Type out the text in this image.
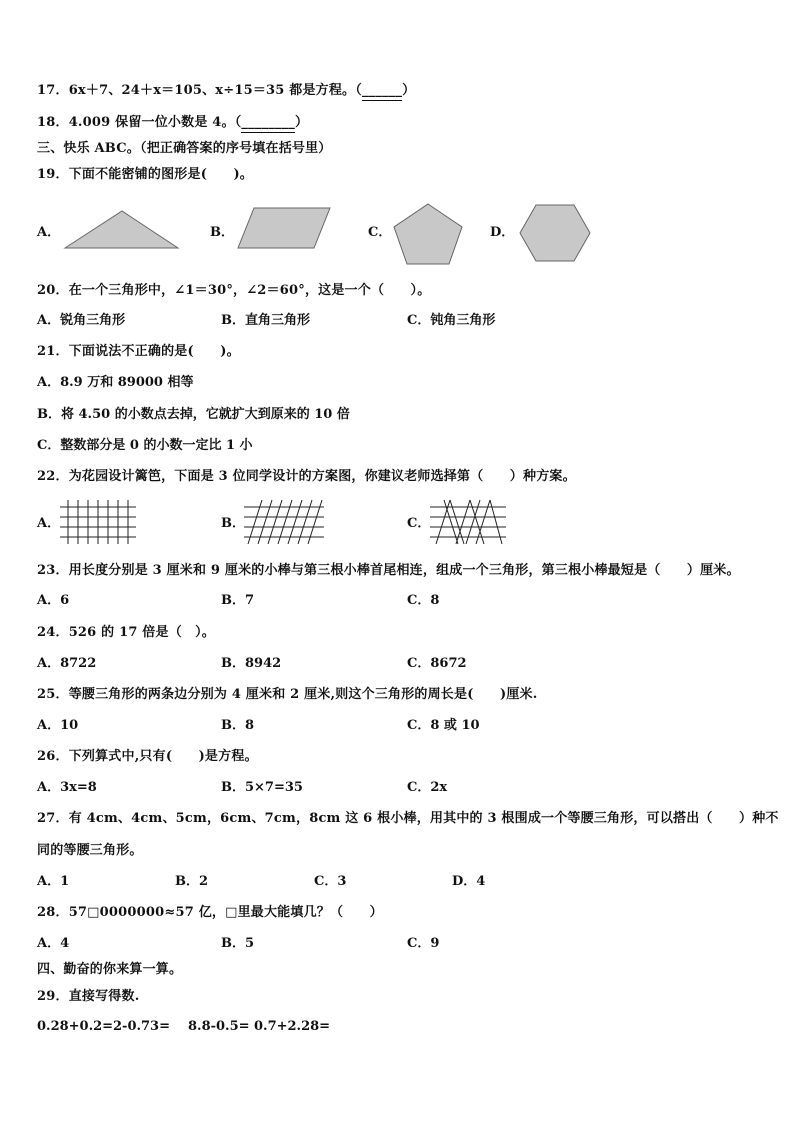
17．6x＋7、24＋x＝105、x÷15＝35 都是方程。（______）
18．4.009 保留一位小数是 4。（________）
三、快乐 ABC。（把正确答案的序号填在括号里）
19．下面不能密铺的图形是(　　)。
A．	B．	C．	D．
20．在一个三角形中，∠1＝30°，∠2＝60°，这是一个（　　）。
A．锐角三角形	B．直角三角形	C．钝角三角形
21．下面说法不正确的是(　　)。
A．8.9 万和 89000 相等
B．将 4.50 的小数点去掉，它就扩大到原来的 10 倍
C．整数部分是 0 的小数一定比 1 小
22．为花园设计篱笆，下面是 3 位同学设计的方案图，你建议老师选择第（　　）种方案。
A．	B．	C．
23．用长度分别是 3 厘米和 9 厘米的小棒与第三根小棒首尾相连，组成一个三角形，第三根小棒最短是（　　）厘米。
A．6	B．7	C．8
24．526 的 17 倍是（　）。
A．8722	B．8942	C．8672
25．等腰三角形的两条边分别为 4 厘米和 2 厘米,则这个三角形的周长是(　　)厘米.
A．10	B．8	C．8 或 10
26．下列算式中,只有(　　)是方程。
A．3x=8	B．5×7=35	C．2x
27．有 4cm、4cm、5cm，6cm、7cm，8cm 这 6 根小棒，用其中的 3 根围成一个等腰三角形，可以搭出（　　）种不
同的等腰三角形。
A．1	B．2	C．3	D．4
28．57□0000000≈57 亿，□里最大能填几？（　　）
A．4	B．5	C．9
四、勤奋的你来算一算。
29．直接写得数.
0.28+0.2= 2-0.73= 8.8-0.5= 0.7+2.28=
